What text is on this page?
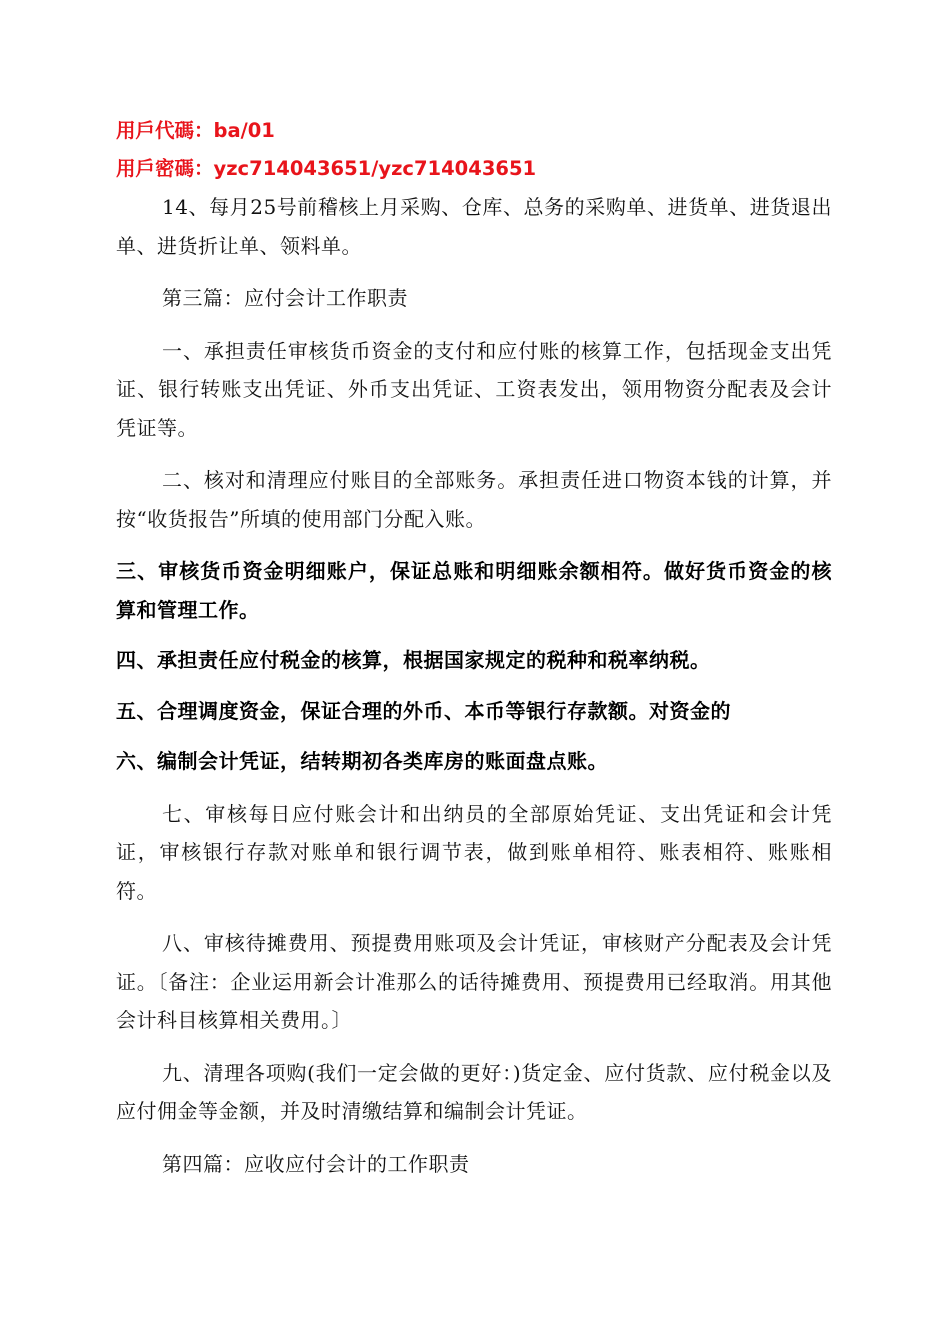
用戶代碼：ba/01
用戶密碼：yzc714043651/yzc714043651

14、每月25号前稽核上月采购、仓库、总务的采购单、进货单、进货退出单、进货折让单、领料单。

第三篇：应付会计工作职责

一、承担责任审核货币资金的支付和应付账的核算工作，包括现金支出凭证、银行转账支出凭证、外币支出凭证、工资表发出，领用物资分配表及会计凭证等。

二、核对和清理应付账目的全部账务。承担责任进口物资本钱的计算，并按“收货报告”所填的使用部门分配入账。

三、审核货币资金明细账户，保证总账和明细账余额相符。做好货币资金的核算和管理工作。

四、承担责任应付税金的核算，根据国家规定的税种和税率纳税。

五、合理调度资金，保证合理的外币、本币等银行存款额。对资金的

六、编制会计凭证，结转期初各类库房的账面盘点账。

七、审核每日应付账会计和出纳员的全部原始凭证、支出凭证和会计凭证，审核银行存款对账单和银行调节表，做到账单相符、账表相符、账账相符。

八、审核待摊费用、预提费用账项及会计凭证，审核财产分配表及会计凭证。〔备注：企业运用新会计准那么的话待摊费用、预提费用已经取消。用其他会计科目核算相关费用。〕

九、清理各项购(我们一定会做的更好：)货定金、应付货款、应付税金以及应付佣金等金额，并及时清缴结算和编制会计凭证。

第四篇：应收应付会计的工作职责
